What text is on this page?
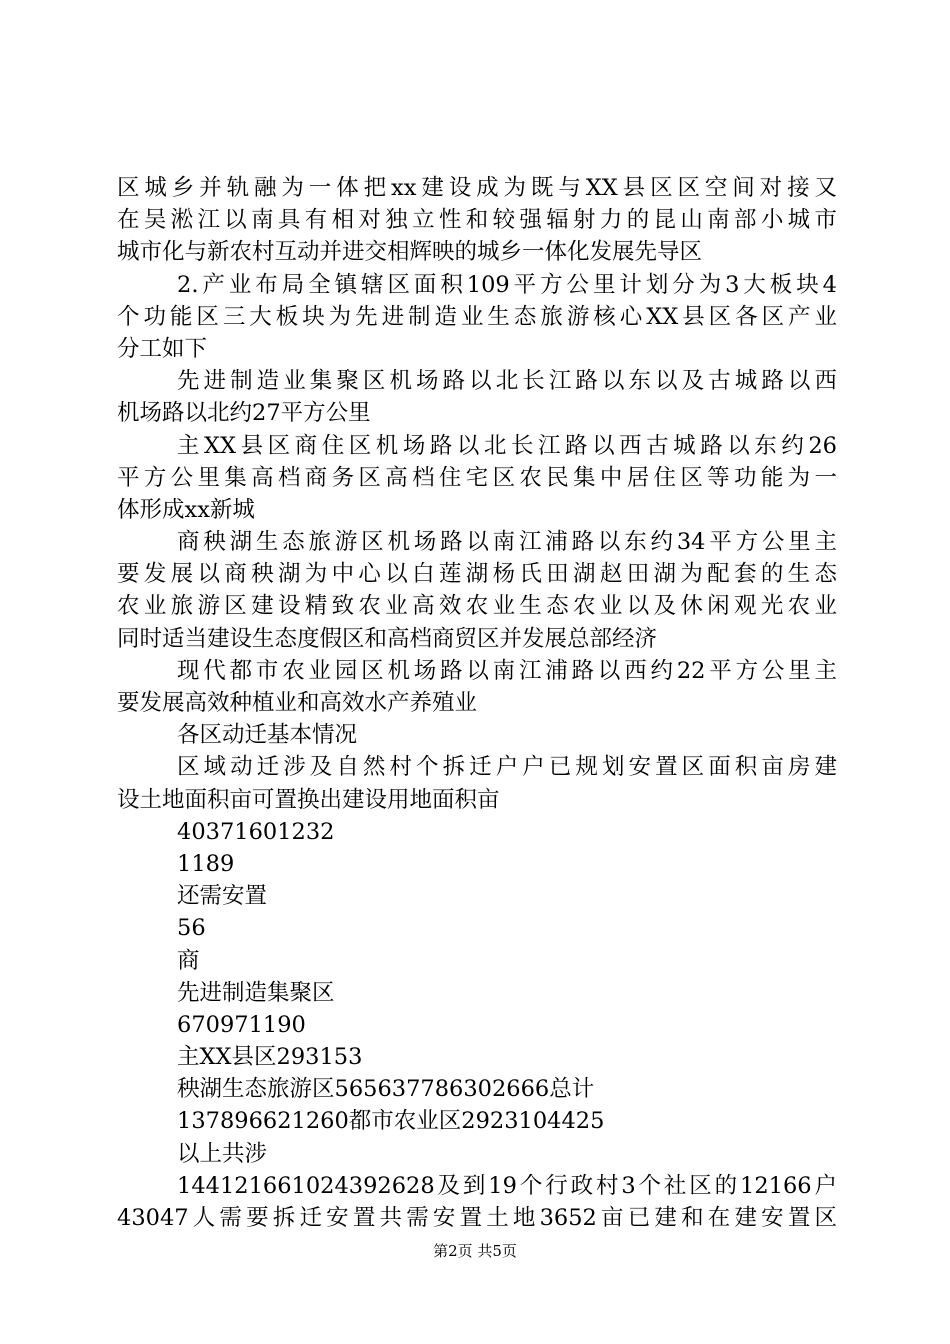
区城乡并轨融为一体把xx建设成为既与XX县区区空间对接又
在吴淞江以南具有相对独立性和较强辐射力的昆山南部小城市
城市化与新农村互动并进交相辉映的城乡一体化发展先导区
2.产业布局全镇辖区面积109平方公里计划分为3大板块4
个功能区三大板块为先进制造业生态旅游核心XX县区各区产业
分工如下
先进制造业集聚区机场路以北长江路以东以及古城路以西
机场路以北约27平方公里
主XX县区商住区机场路以北长江路以西古城路以东约26
平方公里集高档商务区高档住宅区农民集中居住区等功能为一
体形成xx新城
商秧湖生态旅游区机场路以南江浦路以东约34平方公里主
要发展以商秧湖为中心以白莲湖杨氏田湖赵田湖为配套的生态
农业旅游区建设精致农业高效农业生态农业以及休闲观光农业
同时适当建设生态度假区和高档商贸区并发展总部经济
现代都市农业园区机场路以南江浦路以西约22平方公里主
要发展高效种植业和高效水产养殖业
各区动迁基本情况
区域动迁涉及自然村个拆迁户户已规划安置区面积亩房建
设土地面积亩可置换出建设用地面积亩
40371601232
1189
还需安置
56
商
先进制造集聚区
670971190
主XX县区293153
秧湖生态旅游区565637786302666总计
137896621260都市农业区2923104425
以上共涉
144121661024392628及到19个行政村3个社区的12166户
43047人需要拆迁安置共需安置土地3652亩已建和在建安置区
第2页 共5页
